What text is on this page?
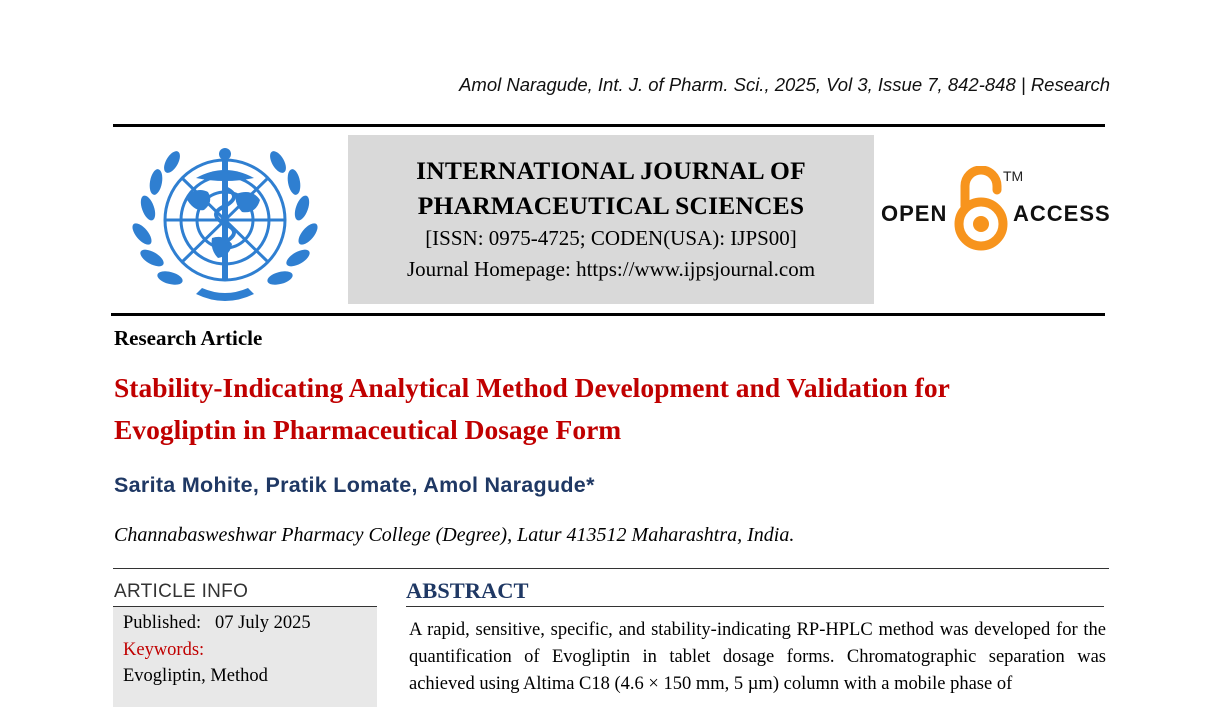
Amol Naragude, Int. J. of Pharm. Sci., 2025, Vol 3, Issue 7, 842-848 | Research
INTERNATIONAL JOURNAL OF
PHARMACEUTICAL SCIENCES
[ISSN: 0975-4725; CODEN(USA): IJPS00]
Journal Homepage: https://www.ijpsjournal.com
OPEN
TM
ACCESS
Research Article
Stability-Indicating Analytical Method Development and Validation for
Evogliptin in Pharmaceutical Dosage Form
Sarita Mohite, Pratik Lomate, Amol Naragude*
Channabasweshwar Pharmacy College (Degree), Latur 413512 Maharashtra, India.
ARTICLE INFO
Published: 07 July 2025
Keywords:
Evogliptin, Method
ABSTRACT
A rapid, sensitive, specific, and stability-indicating RP-HPLC method was developed for the quantification of Evogliptin in tablet dosage forms. Chromatographic separation was achieved using Altima C18 (4.6 × 150 mm, 5 µm) column with a mobile phase of
